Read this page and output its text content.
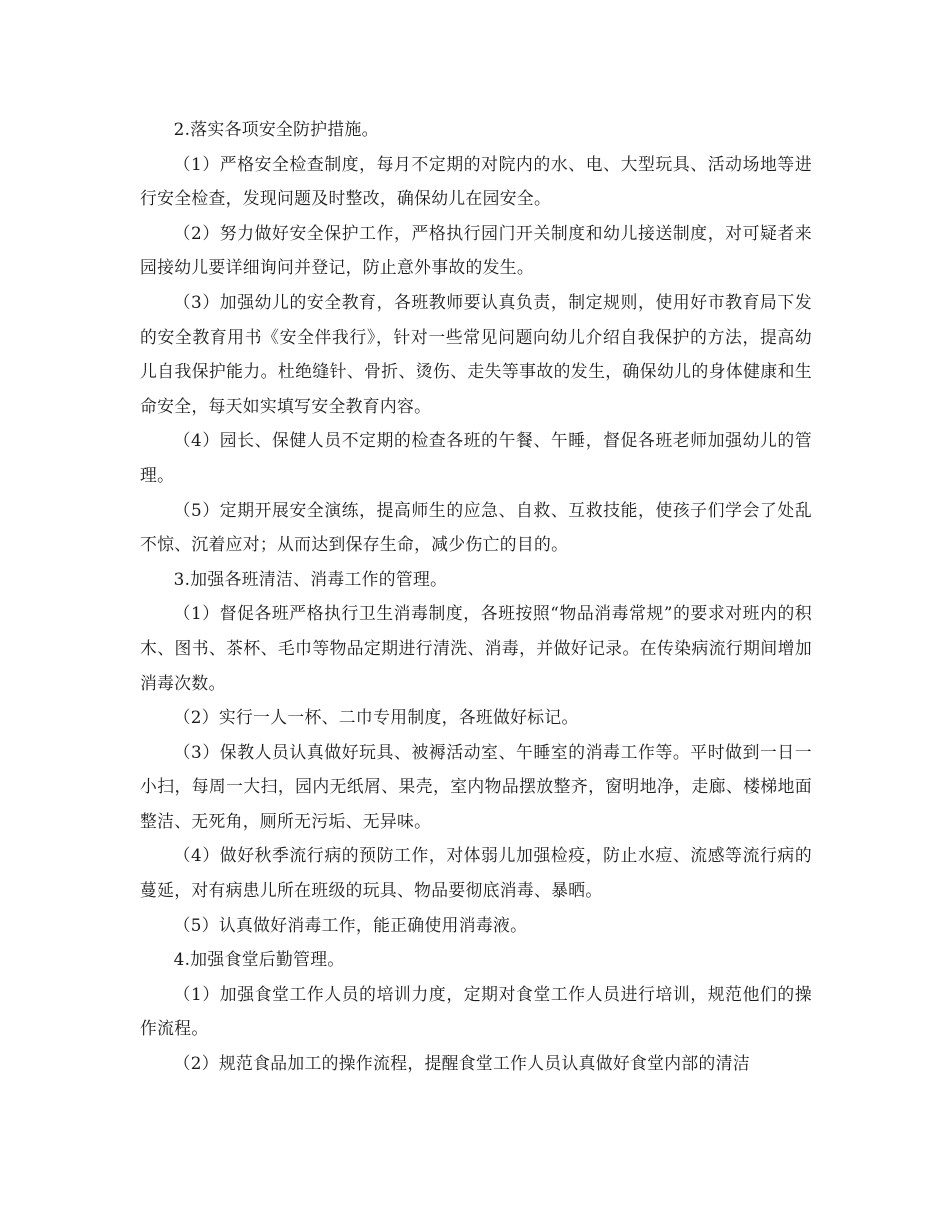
2.落实各项安全防护措施。

（1）严格安全检查制度，每月不定期的对院内的水、电、大型玩具、活动场地等进行安全检查，发现问题及时整改，确保幼儿在园安全。

（2）努力做好安全保护工作，严格执行园门开关制度和幼儿接送制度，对可疑者来园接幼儿要详细询问并登记，防止意外事故的发生。

（3）加强幼儿的安全教育，各班教师要认真负责，制定规则，使用好市教育局下发的安全教育用书《安全伴我行》，针对一些常见问题向幼儿介绍自我保护的方法，提高幼儿自我保护能力。杜绝缝针、骨折、烫伤、走失等事故的发生，确保幼儿的身体健康和生命安全，每天如实填写安全教育内容。

（4）园长、保健人员不定期的检查各班的午餐、午睡，督促各班老师加强幼儿的管理。

（5）定期开展安全演练，提高师生的应急、自救、互救技能，使孩子们学会了处乱不惊、沉着应对；从而达到保存生命，减少伤亡的目的。

3.加强各班清洁、消毒工作的管理。

（1）督促各班严格执行卫生消毒制度，各班按照“物品消毒常规”的要求对班内的积木、图书、茶杯、毛巾等物品定期进行清洗、消毒，并做好记录。在传染病流行期间增加消毒次数。

（2）实行一人一杯、二巾专用制度，各班做好标记。

（3）保教人员认真做好玩具、被褥活动室、午睡室的消毒工作等。平时做到一日一小扫，每周一大扫，园内无纸屑、果壳，室内物品摆放整齐，窗明地净，走廊、楼梯地面整洁、无死角，厕所无污垢、无异味。

（4）做好秋季流行病的预防工作，对体弱儿加强检疫，防止水痘、流感等流行病的蔓延，对有病患儿所在班级的玩具、物品要彻底消毒、暴晒。

（5）认真做好消毒工作，能正确使用消毒液。

4.加强食堂后勤管理。

（1）加强食堂工作人员的培训力度，定期对食堂工作人员进行培训，规范他们的操作流程。

（2）规范食品加工的操作流程，提醒食堂工作人员认真做好食堂内部的清洁
